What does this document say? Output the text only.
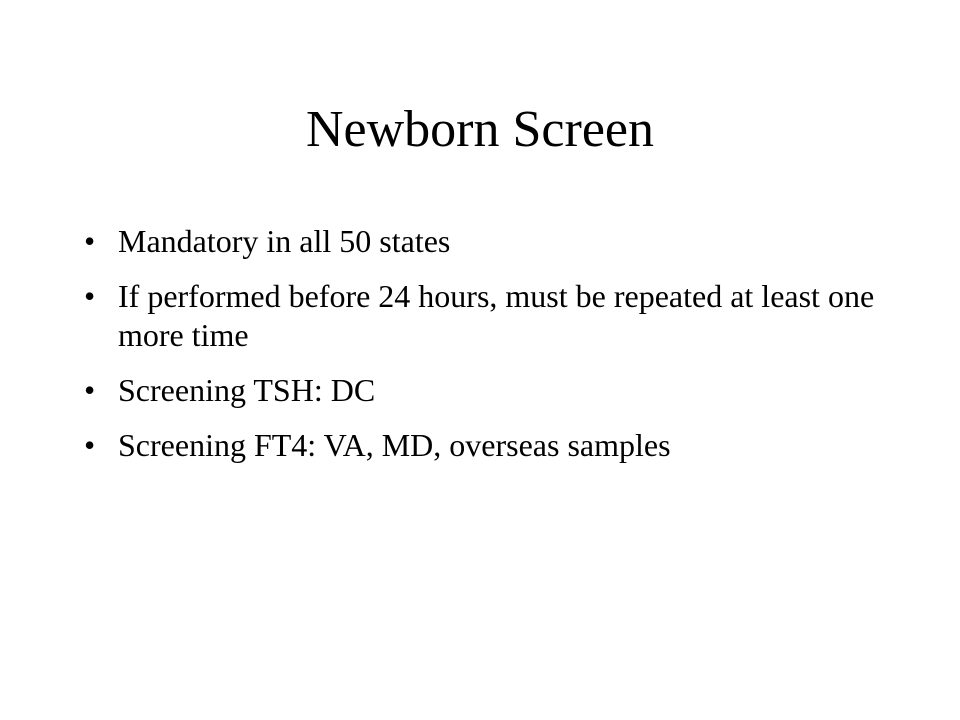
Newborn Screen
• Mandatory in all 50 states
• If performed before 24 hours, must be repeated at least one more time
• Screening TSH: DC
• Screening FT4: VA, MD, overseas samples
